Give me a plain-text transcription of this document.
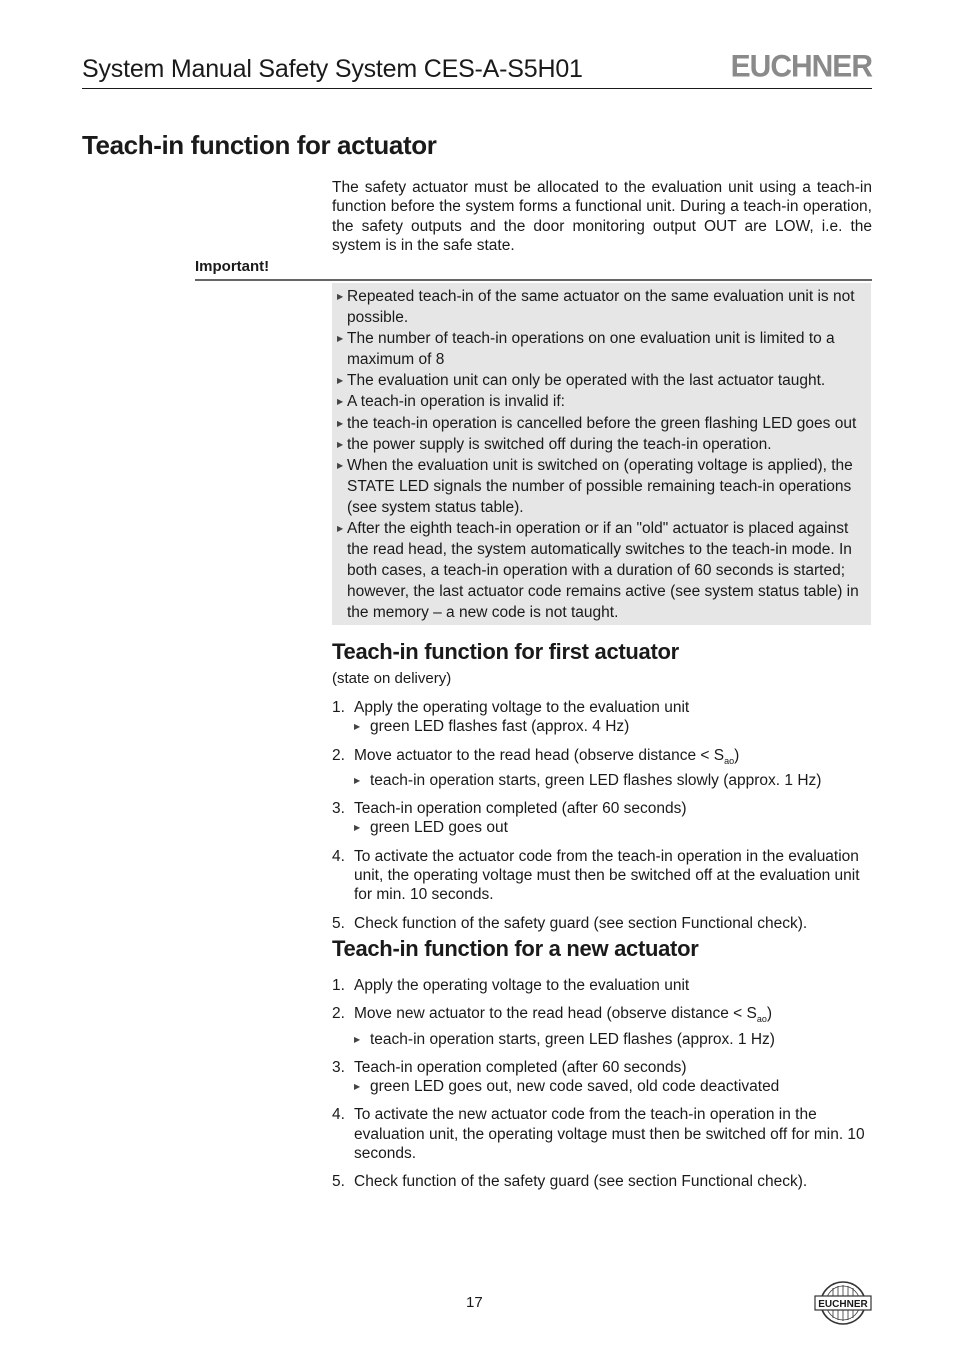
System Manual Safety System CES-A-S5H01	EUCHNER
Teach-in function for actuator
The safety actuator must be allocated to the evaluation unit using a teach-in function before the system forms a functional unit. During a teach-in operation, the safety outputs and the door monitoring output OUT are LOW, i.e. the system is in the safe state.
Important!
▶ Repeated teach-in of the same actuator on the same evaluation unit is not possible.
▶ The number of teach-in operations on one evaluation unit is limited to a maximum of 8
▶ The evaluation unit can only be operated with the last actuator taught.
▶ A teach-in operation is invalid if:
▶ the teach-in operation is cancelled before the green flashing LED goes out
▶ the power supply is switched off during the teach-in operation.
▶ When the evaluation unit is switched on (operating voltage is applied), the STATE LED signals the number of possible remaining teach-in operations (see system status table).
▶ After the eighth teach-in operation or if an "old" actuator is placed against the read head, the system automatically switches to the teach-in mode. In both cases, a teach-in operation with a duration of 60 seconds is started; however, the last actuator code remains active (see system status table) in the memory – a new code is not taught.
Teach-in function for first actuator
(state on delivery)
1. Apply the operating voltage to the evaluation unit
▶ green LED flashes fast (approx. 4 Hz)
2. Move actuator to the read head (observe distance < $S_{ao}$)
▶ teach-in operation starts, green LED flashes slowly (approx. 1 Hz)
3. Teach-in operation completed (after 60 seconds)
▶ green LED goes out
4. To activate the actuator code from the teach-in operation in the evaluation unit, the operating voltage must then be switched off at the evaluation unit for min. 10 seconds.
5. Check function of the safety guard (see section Functional check).
Teach-in function for a new actuator
1. Apply the operating voltage to the evaluation unit
2. Move new actuator to the read head (observe distance < $S_{ao}$)
▶ teach-in operation starts, green LED flashes (approx. 1 Hz)
3. Teach-in operation completed (after 60 seconds)
▶ green LED goes out, new code saved, old code deactivated
4. To activate the new actuator code from the teach-in operation in the evaluation unit, the operating voltage must then be switched off for min. 10 seconds.
5. Check function of the safety guard (see section Functional check).
17	EUCHNER
